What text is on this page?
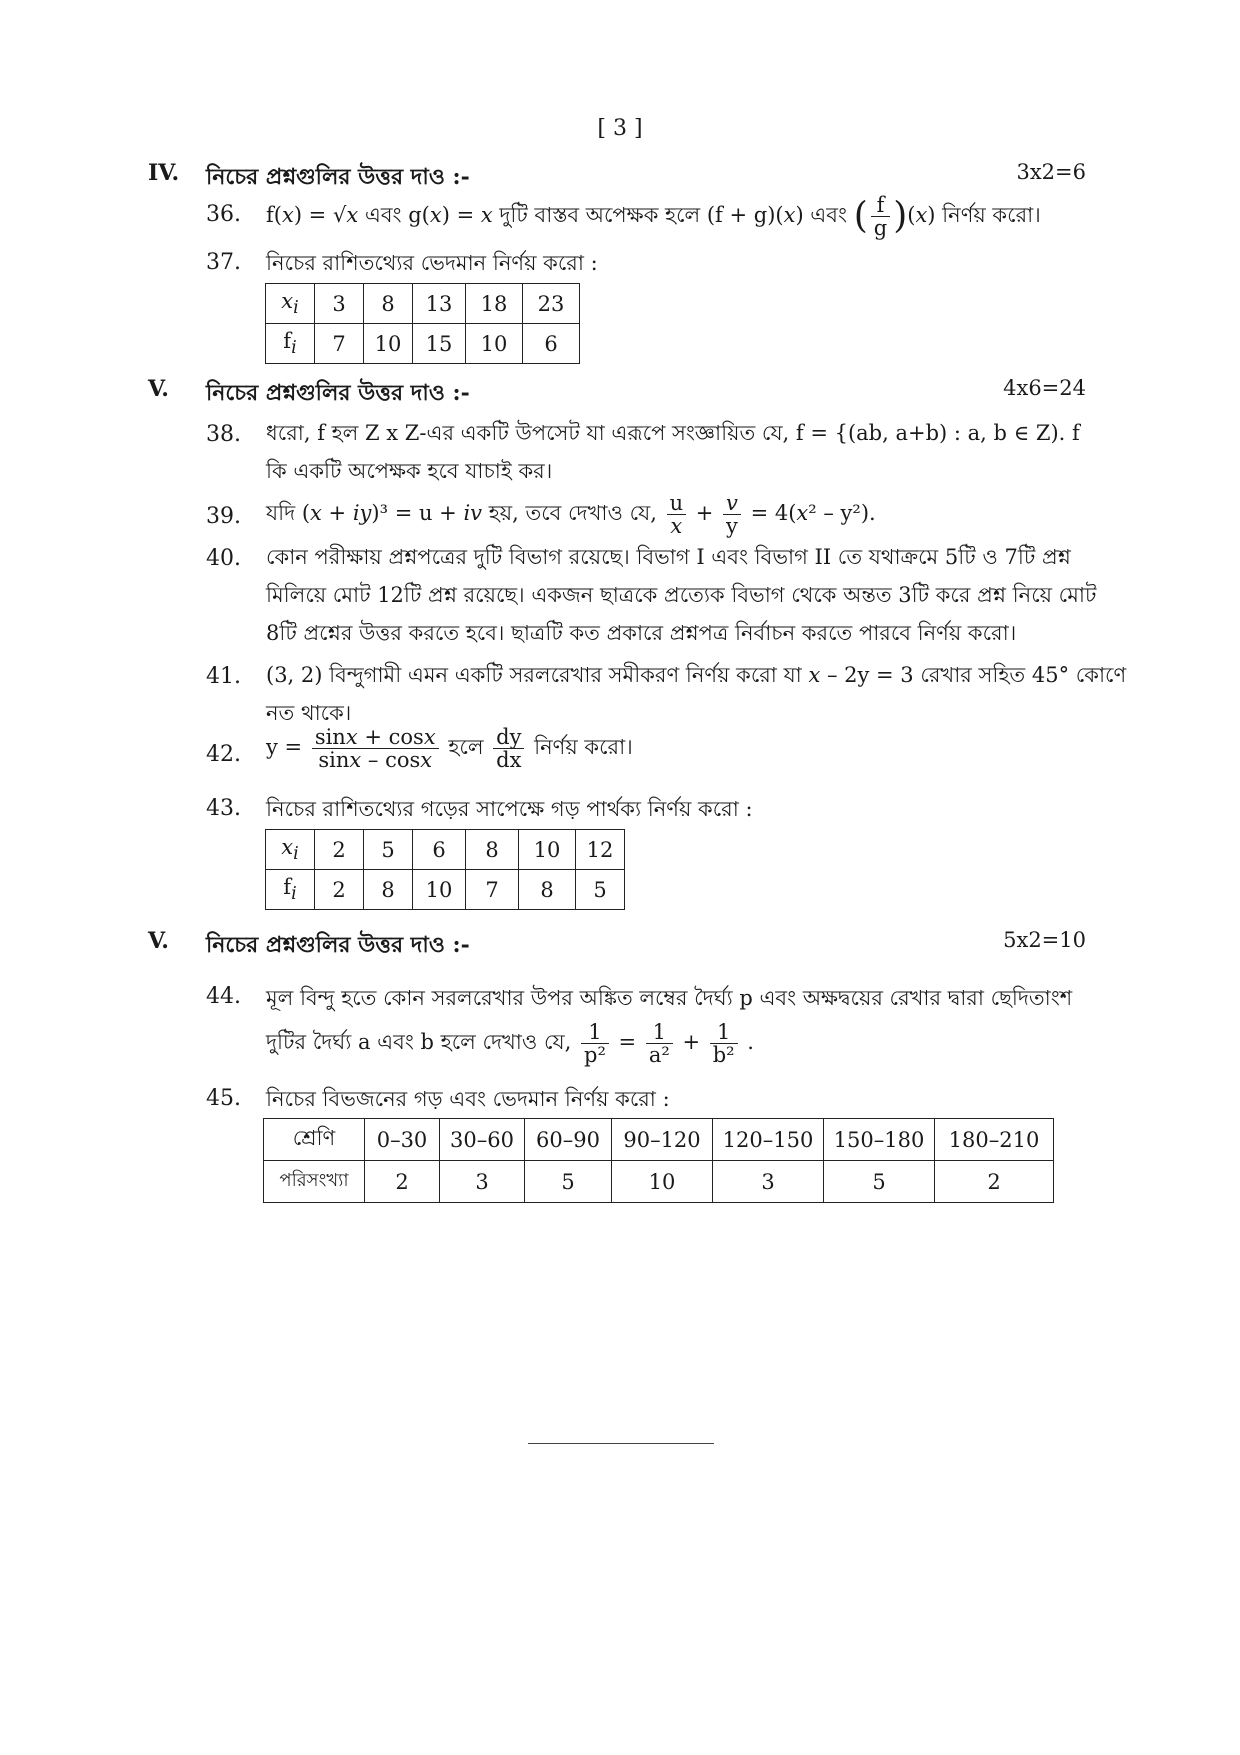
[ 3 ]
IV. নিচের প্রশ্নগুলির উত্তর দাও :-	3x2=6
36. f(x) = √x এবং g(x) = x দুটি বাস্তব অপেক্ষক হলে (f + g)(x) এবং ( $\frac{f}{g} )(x)$ নির্ণয় করো।
37. নিচের রাশিতথ্যের ভেদমান নির্ণয় করো :
$x_i$	3	8	13	18	23
$f_i$	7	10	15	10	6
V. নিচের প্রশ্নগুলির উত্তর দাও :-	4x6=24
38. ধরো, f হল Z x Z-এর একটি উপসেট যা এরূপে সংজ্ঞায়িত যে, f = {(ab, a+b) : a, b ∈ Z). f কি একটি অপেক্ষক হবে যাচাই কর।
39. যদি (x + iy)³ = u + iv হয়, তবে দেখাও যে, $\frac{u}{x} + \frac{v}{y} = 4(x^2 - y^2)$.
40. কোন পরীক্ষায় প্রশ্নপত্রের দুটি বিভাগ রয়েছে। বিভাগ I এবং বিভাগ II তে যথাক্রমে 5টি ও 7টি প্রশ্ন মিলিয়ে মোট 12টি প্রশ্ন রয়েছে। একজন ছাত্রকে প্রত্যেক বিভাগ থেকে অন্তত 3টি করে প্রশ্ন নিয়ে মোট 8টি প্রশ্নের উত্তর করতে হবে। ছাত্রটি কত প্রকারে প্রশ্নপত্র নির্বাচন করতে পারবে নির্ণয় করো।
41. (3, 2) বিন্দুগামী এমন একটি সরলরেখার সমীকরণ নির্ণয় করো যা x – 2y = 3 রেখার সহিত 45° কোণে
নত থাকে।
42. $y = \frac{\sin x + \cos x}{\sin x - \cos x}$ হলে $\frac{dy}{dx}$ নির্ণয় করো।
43. নিচের রাশিতথ্যের গড়ের সাপেক্ষে গড় পার্থক্য নির্ণয় করো :
$x_i$	2	5	6	8	10	12
$f_i$	2	8	10	7	8	5
V. নিচের প্রশ্নগুলির উত্তর দাও :-	5x2=10
44. মূল বিন্দু হতে কোন সরলরেখার উপর অঙ্কিত লম্বের দৈর্ঘ্য p এবং অক্ষদ্বয়ের রেখার দ্বারা ছেদিতাংশ
দুটির দৈর্ঘ্য a এবং b হলে দেখাও যে, $\frac{1}{\text{p²}} = \frac{1}{\text{a²}} + \frac{1}{\text{b²}}$ .
45. নিচের বিভজনের গড় এবং ভেদমান নির্ণয় করো :
শ্রেণি	0–30	30–60	60–90	90–120	120–150	150–180	180–210
পরিসংখ্যা	2	3	5	10	3	5	2
